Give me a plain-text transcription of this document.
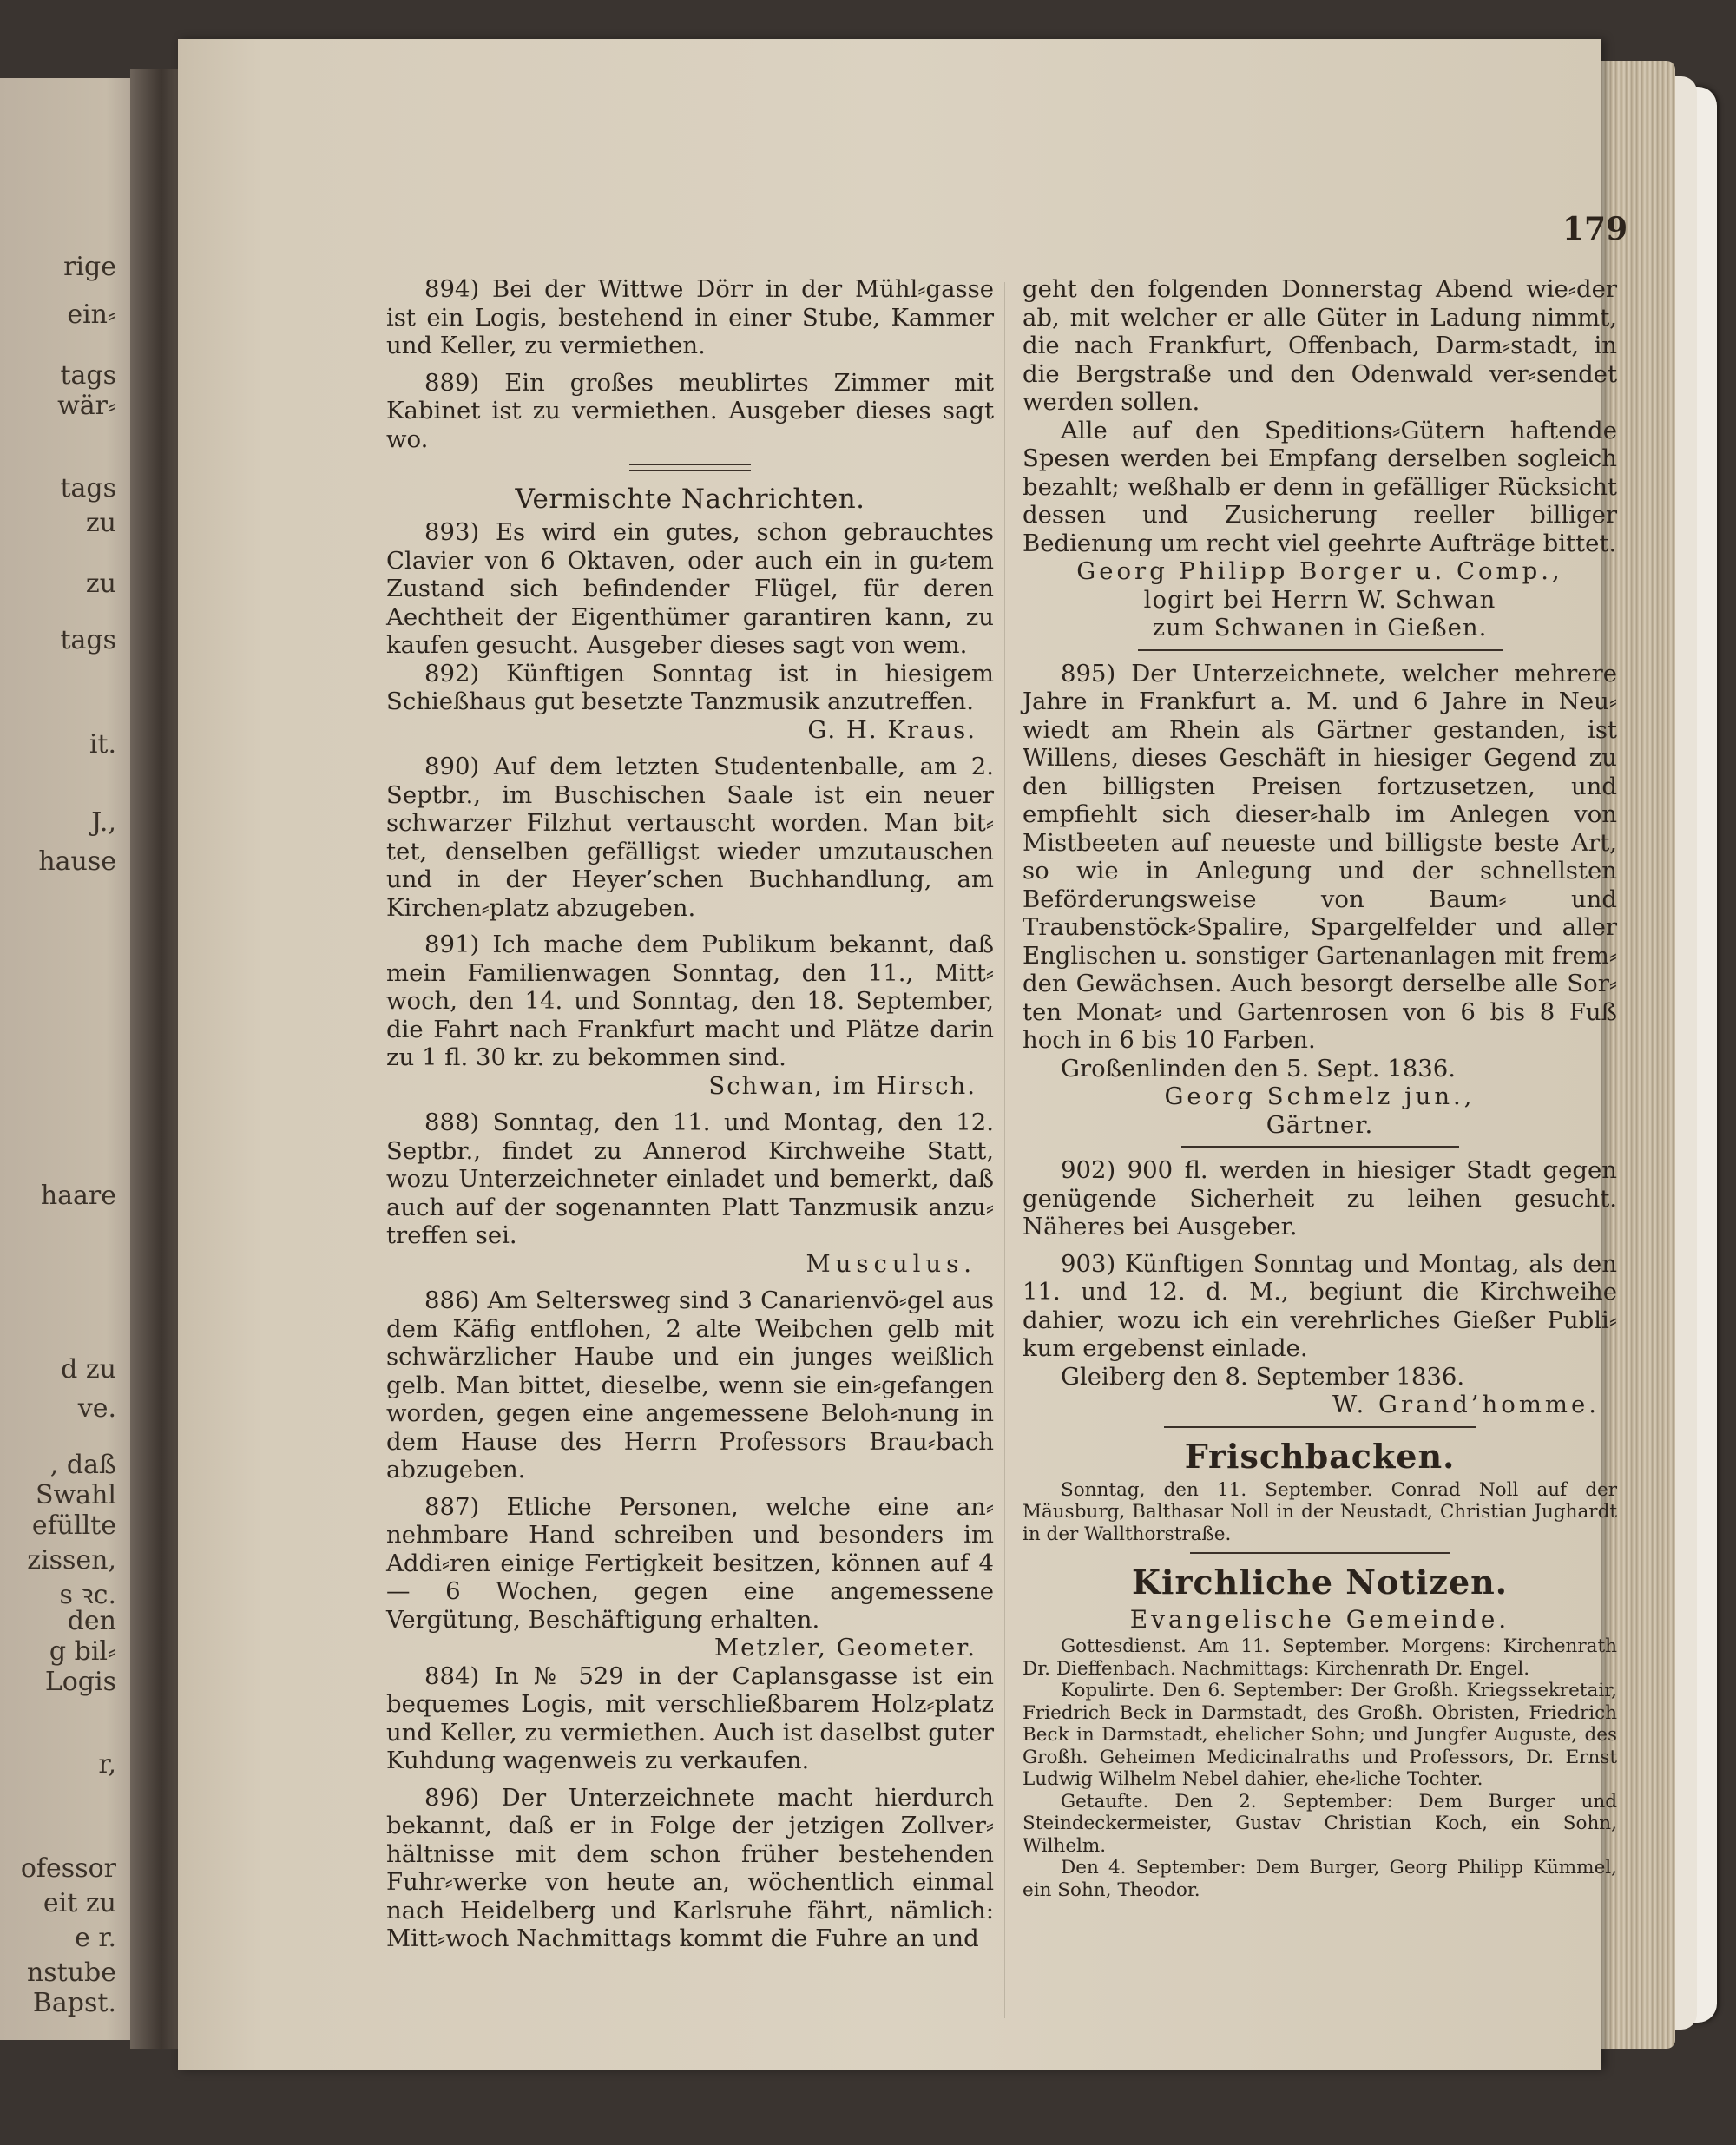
rige
ein⸗
tags
wär⸗
tags
zu
zu
tags
it.
J.,
hause
haare
d zu
ve.
, daß
Swahl
efüllte
zissen,
s ꝛc.
den
g bil⸗
Logis
r,
ofessor
eit zu
e r.
nstube
Bapst.
179

894) Bei der Wittwe Dörr in der Mühl⸗gasse ist ein Logis, bestehend in einer Stube, Kammer und Keller, zu vermiethen.

889) Ein großes meublirtes Zimmer mit Kabinet ist zu vermiethen. Ausgeber dieses sagt wo.

Vermischte Nachrichten.

893) Es wird ein gutes, schon gebrauchtes Clavier von 6 Oktaven, oder auch ein in gu⸗tem Zustand sich befindender Flügel, für deren Aechtheit der Eigenthümer garantiren kann, zu kaufen gesucht. Ausgeber dieses sagt von wem.

892) Künftigen Sonntag ist in hiesigem Schießhaus gut besetzte Tanzmusik anzutreffen.

G. H. Kraus.

890) Auf dem letzten Studentenballe, am 2. Septbr., im Buschischen Saale ist ein neuer schwarzer Filzhut vertauscht worden. Man bit⸗tet, denselben gefälligst wieder umzutauschen und in der Heyer’schen Buchhandlung, am Kirchen⸗platz abzugeben.

891) Ich mache dem Publikum bekannt, daß mein Familienwagen Sonntag, den 11., Mitt⸗woch, den 14. und Sonntag, den 18. September, die Fahrt nach Frankfurt macht und Plätze darin zu 1 fl. 30 kr. zu bekommen sind.

Schwan, im Hirsch.

888) Sonntag, den 11. und Montag, den 12. Septbr., findet zu Annerod Kirchweihe Statt, wozu Unterzeichneter einladet und bemerkt, daß auch auf der sogenannten Platt Tanzmusik anzu⸗treffen sei.

Musculus.

886) Am Seltersweg sind 3 Canarienvö⸗gel aus dem Käfig entflohen, 2 alte Weibchen gelb mit schwärzlicher Haube und ein junges weißlich gelb. Man bittet, dieselbe, wenn sie ein⸗gefangen worden, gegen eine angemessene Beloh⸗nung in dem Hause des Herrn Professors Brau⸗bach abzugeben.

887) Etliche Personen, welche eine an⸗nehmbare Hand schreiben und besonders im Addi⸗ren einige Fertigkeit besitzen, können auf 4 — 6 Wochen, gegen eine angemessene Vergütung, Beschäftigung erhalten.

Metzler, Geometer.

884) In № 529 in der Caplansgasse ist ein bequemes Logis, mit verschließbarem Holz⸗platz und Keller, zu vermiethen. Auch ist daselbst guter Kuhdung wagenweis zu verkaufen.

896) Der Unterzeichnete macht hierdurch bekannt, daß er in Folge der jetzigen Zollver⸗hältnisse mit dem schon früher bestehenden Fuhr⸗werke von heute an, wöchentlich einmal nach Heidelberg und Karlsruhe fährt, nämlich: Mitt⸗woch Nachmittags kommt die Fuhre an und

geht den folgenden Donnerstag Abend wie⸗der ab, mit welcher er alle Güter in Ladung nimmt, die nach Frankfurt, Offenbach, Darm⸗stadt, in die Bergstraße und den Odenwald ver⸗sendet werden sollen.

Alle auf den Speditions⸗Gütern haftende Spesen werden bei Empfang derselben sogleich bezahlt; weßhalb er denn in gefälliger Rücksicht dessen und Zusicherung reeller billiger Bedienung um recht viel geehrte Aufträge bittet.

Georg Philipp Borger u. Comp.,

logirt bei Herrn W. Schwan

zum Schwanen in Gießen.

895) Der Unterzeichnete, welcher mehrere Jahre in Frankfurt a. M. und 6 Jahre in Neu⸗wiedt am Rhein als Gärtner gestanden, ist Willens, dieses Geschäft in hiesiger Gegend zu den billigsten Preisen fortzusetzen, und empfiehlt sich dieser⸗halb im Anlegen von Mistbeeten auf neueste und billigste beste Art, so wie in Anlegung und der schnellsten Beförderungsweise von Baum⸗ und Traubenstöck⸗Spalire, Spargelfelder und aller Englischen u. sonstiger Gartenanlagen mit frem⸗den Gewächsen. Auch besorgt derselbe alle Sor⸗ten Monat⸗ und Gartenrosen von 6 bis 8 Fuß hoch in 6 bis 10 Farben.

Großenlinden den 5. Sept. 1836.

Georg Schmelz jun.,

Gärtner.

902) 900 fl. werden in hiesiger Stadt gegen genügende Sicherheit zu leihen gesucht. Näheres bei Ausgeber.

903) Künftigen Sonntag und Montag, als den 11. und 12. d. M., begiunt die Kirchweihe dahier, wozu ich ein verehrliches Gießer Publi⸗kum ergebenst einlade.

Gleiberg den 8. September 1836.

W. Grand’homme.

Frischbacken.

Sonntag, den 11. September. Conrad Noll auf der Mäusburg, Balthasar Noll in der Neustadt, Christian Jughardt in der Wallthorstraße.

Kirchliche Notizen.
Evangelische Gemeinde.

Gottesdienst. Am 11. September. Morgens: Kirchenrath Dr. Dieffenbach. Nachmittags: Kirchenrath Dr. Engel.

Kopulirte. Den 6. September: Der Großh. Kriegssekretair, Friedrich Beck in Darmstadt, des Großh. Obristen, Friedrich Beck in Darmstadt, ehelicher Sohn; und Jungfer Auguste, des Großh. Geheimen Medicinalraths und Professors, Dr. Ernst Ludwig Wilhelm Nebel dahier, ehe⸗liche Tochter.

Getaufte. Den 2. September: Dem Burger und Steindeckermeister, Gustav Christian Koch, ein Sohn, Wilhelm.

Den 4. September: Dem Burger, Georg Philipp Kümmel, ein Sohn, Theodor.
